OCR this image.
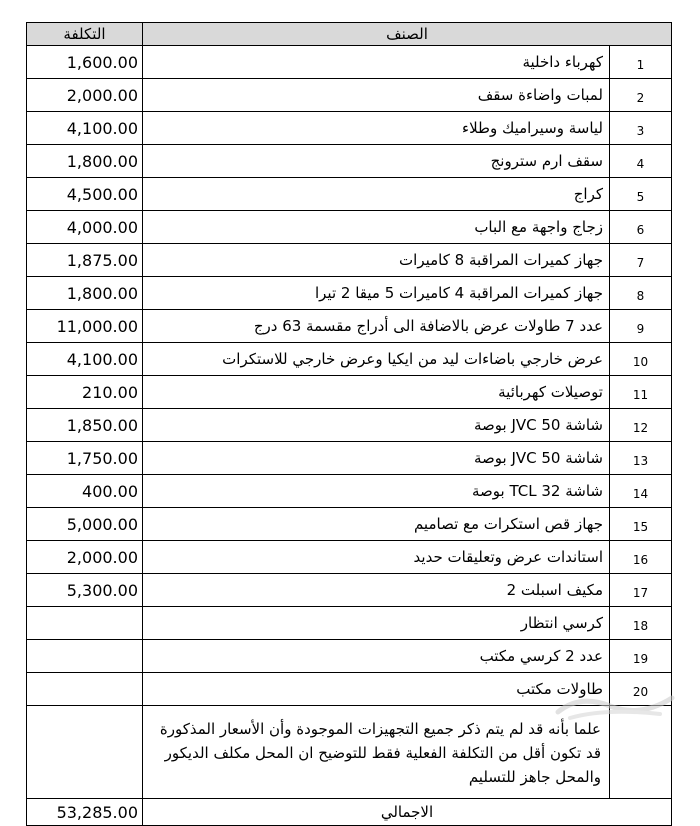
التكلفة	الصنف	
1,600.00	كهرباء داخلية	1
2,000.00	لمبات واضاءة سقف	2
4,100.00	لياسة وسيراميك وطلاء	3
1,800.00	سقف ارم سترونج	4
4,500.00	كراج	5
4,000.00	زجاج واجهة مع الباب	6
1,875.00	جهاز كميرات المراقبة 8 كاميرات	7
1,800.00	جهاز كميرات المراقبة 4 كاميرات 5 ميقا 2 تيرا	8
11,000.00	عدد 7 طاولات عرض بالاضافة الى أدراج مقسمة 63 درج	9
4,100.00	عرض خارجي باضاءات ليد من ايكيا وعرض خارجي للاستكرات	10
210.00	توصيلات كهربائية	11
1,850.00	شاشة JVC 50 بوصة	12
1,750.00	شاشة JVC 50 بوصة	13
400.00	شاشة TCL 32 بوصة	14
5,000.00	جهاز قص استكرات مع تصاميم	15
2,000.00	استاندات عرض وتعليقات حديد	16
5,300.00	مكيف اسبلت 2	17
	كرسي انتظار	18
	عدد 2 كرسي مكتب	19
	طاولات مكتب	20
	علما بأنه قد لم يتم ذكر جميع التجهيزات الموجودة وأن الأسعار المذكورة قد تكون أقل من التكلفة الفعلية فقط للتوضيح ان المحل مكلف الديكور والمحل جاهز للتسليم	
53,285.00	الاجمالي	
